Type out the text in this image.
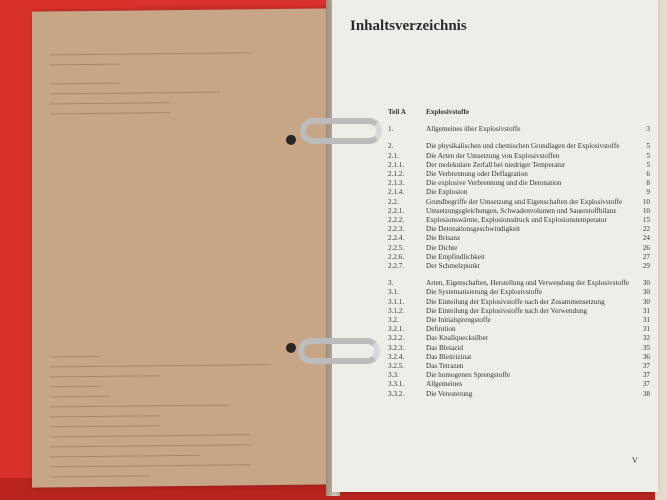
Inhaltsverzeichnis
Teil A	Explosivstoffe
1.	Allgemeines über Explosivstoffe	3
2.	Die physikalischen und chemischen Grundlagen der Explosivstoffe	5
2.1.	Die Arten der Umsetzung von Explosivstoffen	5
2.1.1.	Der molekulare Zerfall bei niedriger Temperatur	5
2.1.2.	Die Verbrennung oder Deflagration	6
2.1.3.	Die explosive Verbrennung und die Detonation	8
2.1.4.	Die Explosion	9
2.2.	Grundbegriffe der Umsetzung und Eigenschaften der Explosivstoffe	10
2.2.1.	Umsetzungsgleichungen, Schwadenvolumen und Sauerstoffbilanz	10
2.2.2.	Explosionswärme, Explosionsdruck und Explosionstemperatur	15
2.2.3.	Die Detonationsgeschwindigkeit	22
2.2.4.	Die Brisanz	24
2.2.5.	Die Dichte	26
2.2.6.	Die Empfindlichkeit	27
2.2.7.	Der Schmelzpunkt	29
3.	Arten, Eigenschaften, Herstellung und Verwendung der Explosivstoffe	30
3.1.	Die Systematisierung der Explosivstoffe	30
3.1.1.	Die Einteilung der Explosivstoffe nach der Zusammensetzung	30
3.1.2.	Die Einteilung der Explosivstoffe nach der Verwendung	31
3.2.	Die Initialsprengstoffe	31
3.2.1.	Definition	31
3.2.2.	Das Knallquecksilber	32
3.2.3.	Das Bleiazid	35
3.2.4.	Das Bleitrizinat	36
3.2.5.	Das Tetrazen	37
3.3.	Die homogenen Sprengstoffe	37
3.3.1.	Allgemeines	37
3.3.2.	Die Veresterung	38
V
